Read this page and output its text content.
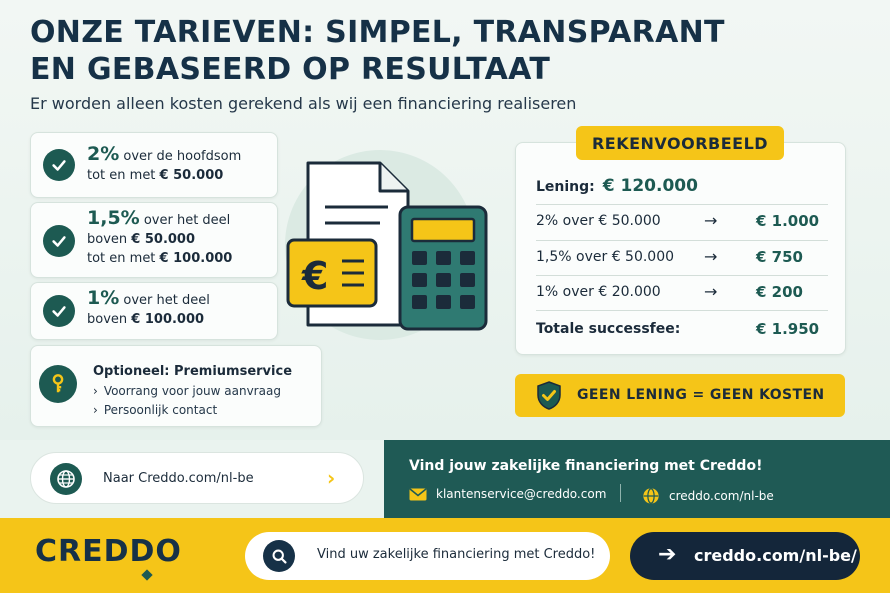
ONZE TARIEVEN: SIMPEL, TRANSPARANT EN GEBASEERD OP RESULTAAT
Er worden alleen kosten gerekend als wij een financiering realiseren
2% over de hoofdsom
tot en met € 50.000
1,5% over het deel
boven € 50.000
tot en met € 100.000
1% over het deel
boven € 100.000
Optioneel: Premiumservice
› Voorrang voor jouw aanvraag
› Persoonlijk contact
€
REKENVOORBEELD
Lening: € 120.000
2% over € 50.000	→	€ 1.000
1,5% over € 50.000 →	€ 750
1% over € 20.000	→	€ 200
Totale successfee:	€ 1.950
GEEN LENING = GEEN KOSTEN
Naar Creddo.com/nl-be	›	Vind jouw zakelijke financiering met Creddo!
klantenservice@creddo.com	creddo.com/nl-be
CREDDO	Vind uw zakelijke financiering met Creddo!	➔ creddo.com/nl-be/
